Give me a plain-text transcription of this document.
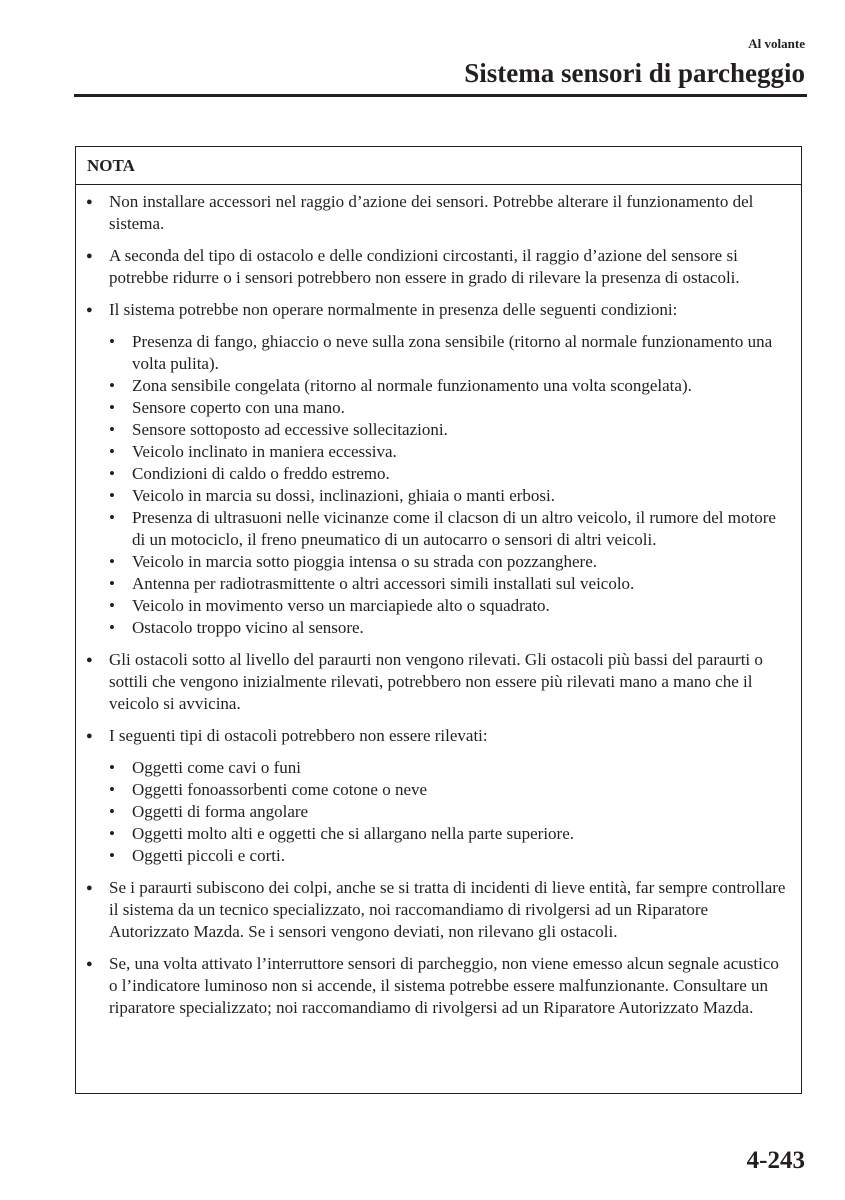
Al volante
Sistema sensori di parcheggio
NOTA
● Non installare accessori nel raggio d’azione dei sensori. Potrebbe alterare il funzionamento del sistema.
● A seconda del tipo di ostacolo e delle condizioni circostanti, il raggio d’azione del sensore si potrebbe ridurre o i sensori potrebbero non essere in grado di rilevare la presenza di ostacoli.
● Il sistema potrebbe non operare normalmente in presenza delle seguenti condizioni:
•	Presenza di fango, ghiaccio o neve sulla zona sensibile (ritorno al normale funzionamento una volta pulita).
•	Zona sensibile congelata (ritorno al normale funzionamento una volta scongelata).
•	Sensore coperto con una mano.
•	Sensore sottoposto ad eccessive sollecitazioni.
•	Veicolo inclinato in maniera eccessiva.
•	Condizioni di caldo o freddo estremo.
•	Veicolo in marcia su dossi, inclinazioni, ghiaia o manti erbosi.
•	Presenza di ultrasuoni nelle vicinanze come il clacson di un altro veicolo, il rumore del motore di un motociclo, il freno pneumatico di un autocarro o sensori di altri veicoli.
•	Veicolo in marcia sotto pioggia intensa o su strada con pozzanghere.
•	Antenna per radiotrasmittente o altri accessori simili installati sul veicolo.
•	Veicolo in movimento verso un marciapiede alto o squadrato.
•	Ostacolo troppo vicino al sensore.
● Gli ostacoli sotto al livello del paraurti non vengono rilevati. Gli ostacoli più bassi del paraurti o sottili che vengono inizialmente rilevati, potrebbero non essere più rilevati mano a mano che il veicolo si avvicina.
● I seguenti tipi di ostacoli potrebbero non essere rilevati:
•	Oggetti come cavi o funi
•	Oggetti fonoassorbenti come cotone o neve
•	Oggetti di forma angolare
•	Oggetti molto alti e oggetti che si allargano nella parte superiore.
•	Oggetti piccoli e corti.
● Se i paraurti subiscono dei colpi, anche se si tratta di incidenti di lieve entità, far sempre controllare il sistema da un tecnico specializzato, noi raccomandiamo di rivolgersi ad un Riparatore Autorizzato Mazda. Se i sensori vengono deviati, non rilevano gli ostacoli.
● Se, una volta attivato l’interruttore sensori di parcheggio, non viene emesso alcun segnale acustico o l’indicatore luminoso non si accende, il sistema potrebbe essere malfunzionante. Consultare un riparatore specializzato; noi raccomandiamo di rivolgersi ad un Riparatore Autorizzato Mazda.
4-243
